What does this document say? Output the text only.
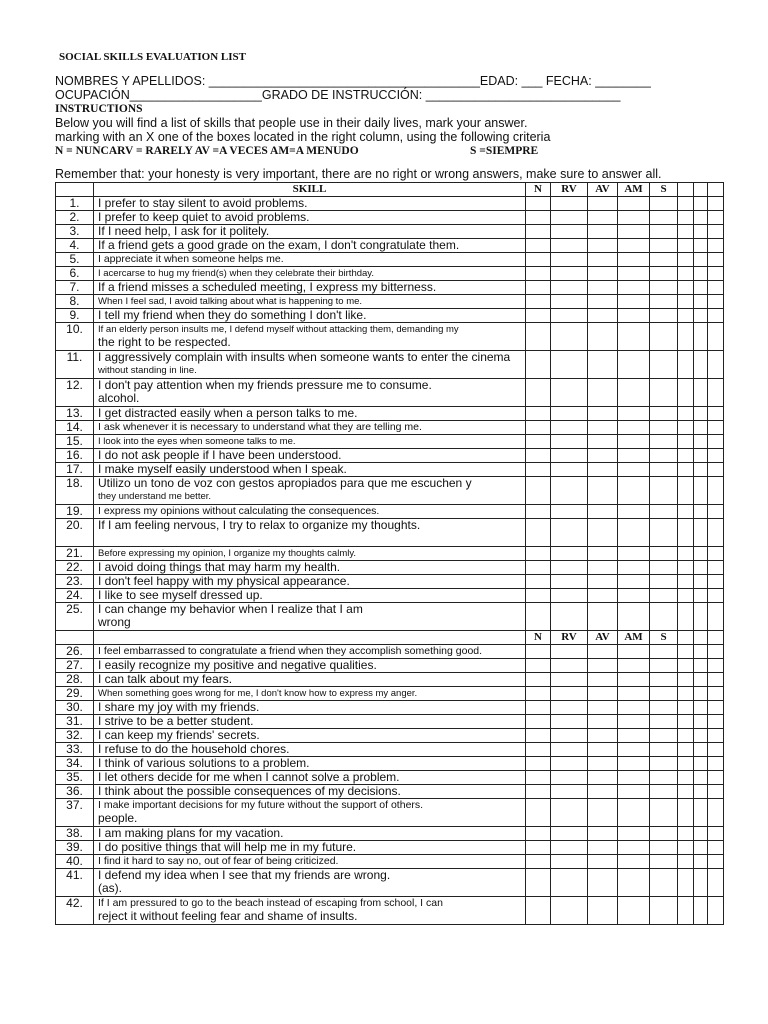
SOCIAL SKILLS EVALUATION LIST
NOMBRES Y APELLIDOS: _______________________________________EDAD: ___ FECHA: ________
OCUPACIÓN___________________GRADO DE INSTRUCCIÓN: ____________________________
INSTRUCTIONS
Below you will find a list of skills that people use in their daily lives, mark your answer.
marking with an X one of the boxes located in the right column, using the following criteria
N = NUNCARV = RARELY AV =A VECES AM=A MENUDO	S =SIEMPRE
Remember that: your honesty is very important, there are no right or wrong answers, make sure to answer all.
	SKILL	N	RV	AV	AM	S			
1.	I prefer to stay silent to avoid problems.								

2.	I prefer to keep quiet to avoid problems.								

3.	If I need help, I ask for it politely.								

4.	If a friend gets a good grade on the exam, I don't congratulate them.								

5.	I appreciate it when someone helps me.								

6.	I acercarse to hug my friend(s) when they celebrate their birthday.								

7.	If a friend misses a scheduled meeting, I express my bitterness.								

8.	When I feel sad, I avoid talking about what is happening to me.								

9.	I tell my friend when they do something I don't like.								

10.	If an elderly person insults me, I defend myself without attacking them, demanding my
the right to be respected.								

11.	I aggressively complain with insults when someone wants to enter the cinema
without standing in line.								

12.	I don't pay attention when my friends pressure me to consume.
alcohol.								

13.	I get distracted easily when a person talks to me.								

14.	I ask whenever it is necessary to understand what they are telling me.								

15.	I look into the eyes when someone talks to me.								

16.	I do not ask people if I have been understood.								

17.	I make myself easily understood when I speak.								

18.	Utilizo un tono de voz con gestos apropiados para que me escuchen y
they understand me better.								

19.	I express my opinions without calculating the consequences.								

20.	If I am feeling nervous, I try to relax to organize my thoughts.								

21.	Before expressing my opinion, I organize my thoughts calmly.								

22.	I avoid doing things that may harm my health.								

23.	I don't feel happy with my physical appearance.								

24.	I like to see myself dressed up.								

25.	I can change my behavior when I realize that I am
wrong								

		N	RV	AV	AM	S			
26.	I feel embarrassed to congratulate a friend when they accomplish something good.								

27.	I easily recognize my positive and negative qualities.								

28.	I can talk about my fears.								

29.	When something goes wrong for me, I don't know how to express my anger.								

30.	I share my joy with my friends.								

31.	I strive to be a better student.								

32.	I can keep my friends' secrets.								

33.	I refuse to do the household chores.								

34.	I think of various solutions to a problem.								

35.	I let others decide for me when I cannot solve a problem.								

36.	I think about the possible consequences of my decisions.								

37.	I make important decisions for my future without the support of others.
people.								

38.	I am making plans for my vacation.								

39.	I do positive things that will help me in my future.								

40.	I find it hard to say no, out of fear of being criticized.								

41.	I defend my idea when I see that my friends are wrong.
(as).								

42.	If I am pressured to go to the beach instead of escaping from school, I can
reject it without feeling fear and shame of insults.								
